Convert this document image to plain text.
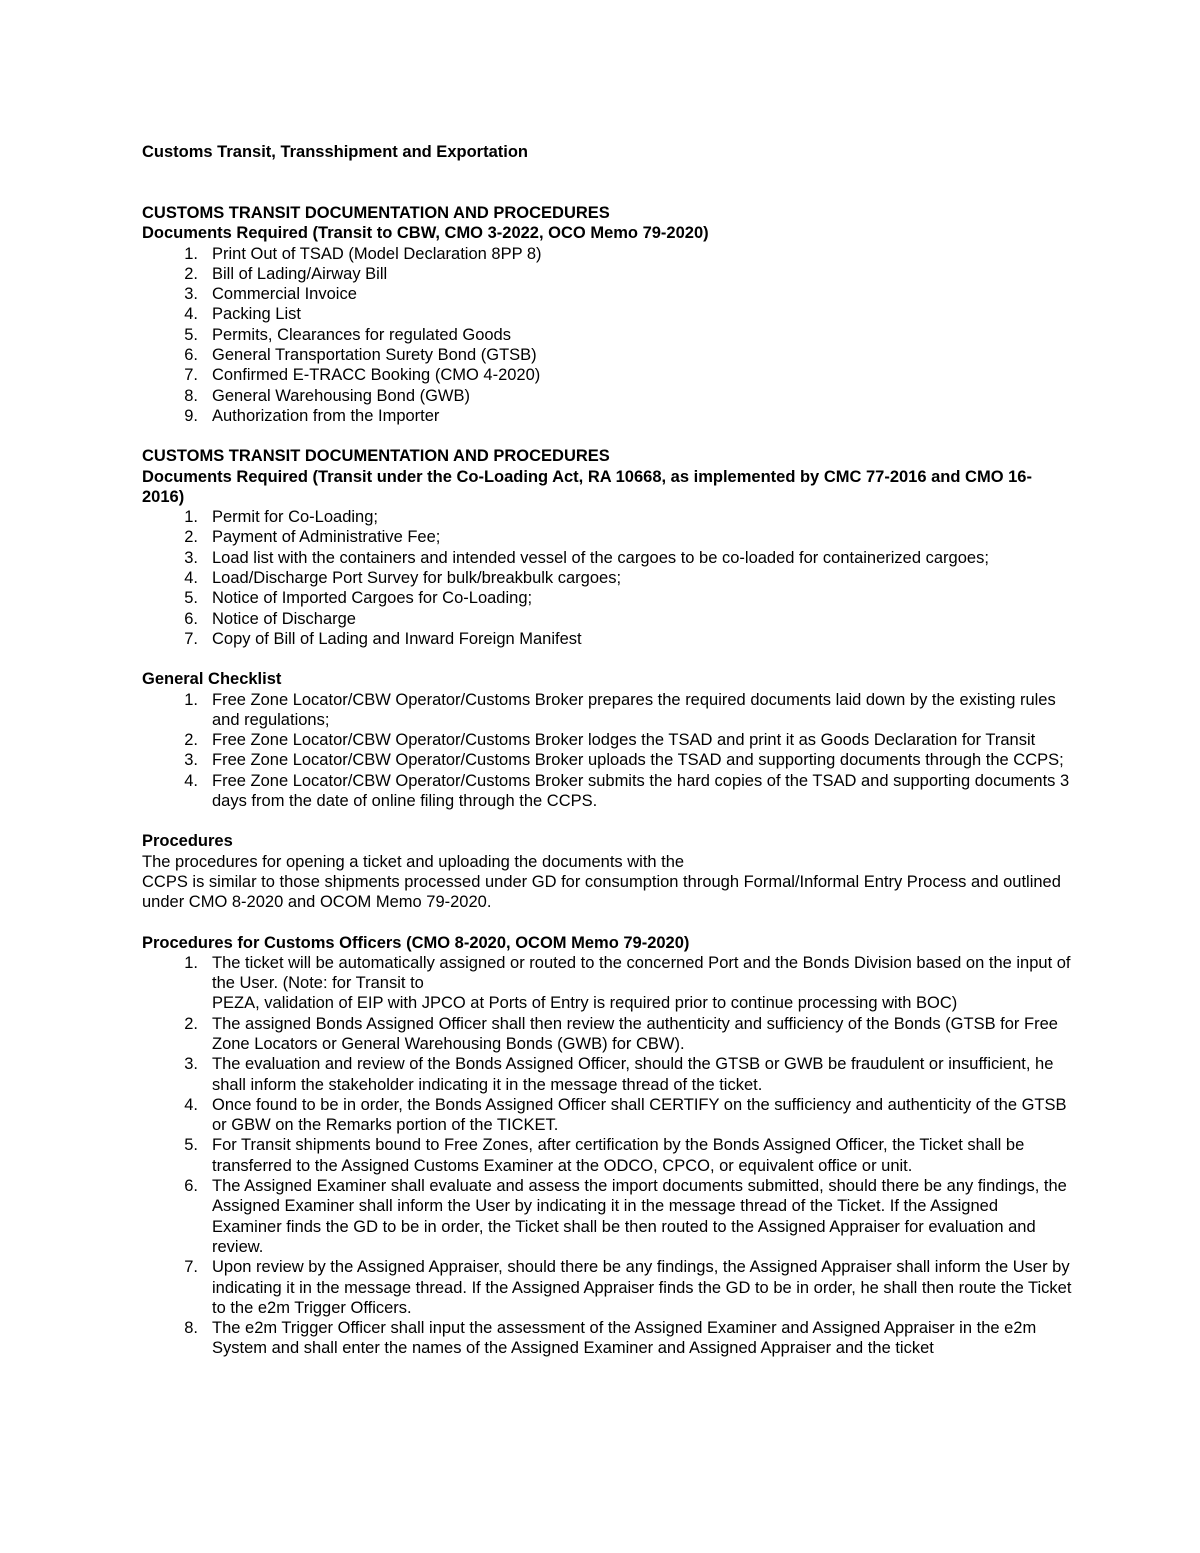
Customs Transit, Transshipment and Exportation

CUSTOMS TRANSIT DOCUMENTATION AND PROCEDURES

Documents Required (Transit to CBW, CMO 3-2022, OCO Memo 79-2020)

1. Print Out of TSAD (Model Declaration 8PP 8)
2. Bill of Lading/Airway Bill
3. Commercial Invoice
4. Packing List
5. Permits, Clearances for regulated Goods
6. General Transportation Surety Bond (GTSB)
7. Confirmed E-TRACC Booking (CMO 4-2020)
8. General Warehousing Bond (GWB)
9. Authorization from the Importer

CUSTOMS TRANSIT DOCUMENTATION AND PROCEDURES

Documents Required (Transit under the Co-Loading Act, RA 10668, as implemented by CMC 77-2016 and CMO 16-2016)

1. Permit for Co-Loading;
2. Payment of Administrative Fee;
3. Load list with the containers and intended vessel of the cargoes to be co-loaded for containerized cargoes;
4. Load/Discharge Port Survey for bulk/breakbulk cargoes;
5. Notice of Imported Cargoes for Co-Loading;
6. Notice of Discharge
7. Copy of Bill of Lading and Inward Foreign Manifest

General Checklist

1. Free Zone Locator/CBW Operator/Customs Broker prepares the required documents laid down by the existing rules and regulations;
2. Free Zone Locator/CBW Operator/Customs Broker lodges the TSAD and print it as Goods Declaration for Transit
3. Free Zone Locator/CBW Operator/Customs Broker uploads the TSAD and supporting documents through the CCPS;
4. Free Zone Locator/CBW Operator/Customs Broker submits the hard copies of the TSAD and supporting documents 3 days from the date of online filing through the CCPS.

Procedures

The procedures for opening a ticket and uploading the documents with the

CCPS is similar to those shipments processed under GD for consumption through Formal/Informal Entry Process and outlined under CMO 8-2020 and OCOM Memo 79-2020.

Procedures for Customs Officers (CMO 8-2020, OCOM Memo 79-2020)

1. The ticket will be automatically assigned or routed to the concerned Port and the Bonds Division based on the input of the User. (Note: for Transit to
PEZA, validation of EIP with JPCO at Ports of Entry is required prior to continue processing with BOC)
2. The assigned Bonds Assigned Officer shall then review the authenticity and sufficiency of the Bonds (GTSB for Free Zone Locators or General Warehousing Bonds (GWB) for CBW).
3. The evaluation and review of the Bonds Assigned Officer, should the GTSB or GWB be fraudulent or insufficient, he shall inform the stakeholder indicating it in the message thread of the ticket.
4. Once found to be in order, the Bonds Assigned Officer shall CERTIFY on the sufficiency and authenticity of the GTSB or GBW on the Remarks portion of the TICKET.
5. For Transit shipments bound to Free Zones, after certification by the Bonds Assigned Officer, the Ticket shall be transferred to the Assigned Customs Examiner at the ODCO, CPCO, or equivalent office or unit.
6. The Assigned Examiner shall evaluate and assess the import documents submitted, should there be any findings, the Assigned Examiner shall inform the User by indicating it in the message thread of the Ticket. If the Assigned Examiner finds the GD to be in order, the Ticket shall be then routed to the Assigned Appraiser for evaluation and review.
7. Upon review by the Assigned Appraiser, should there be any findings, the Assigned Appraiser shall inform the User by indicating it in the message thread. If the Assigned Appraiser finds the GD to be in order, he shall then route the Ticket to the e2m Trigger Officers.
8. The e2m Trigger Officer shall input the assessment of the Assigned Examiner and Assigned Appraiser in the e2m System and shall enter the names of the Assigned Examiner and Assigned Appraiser and the ticket
